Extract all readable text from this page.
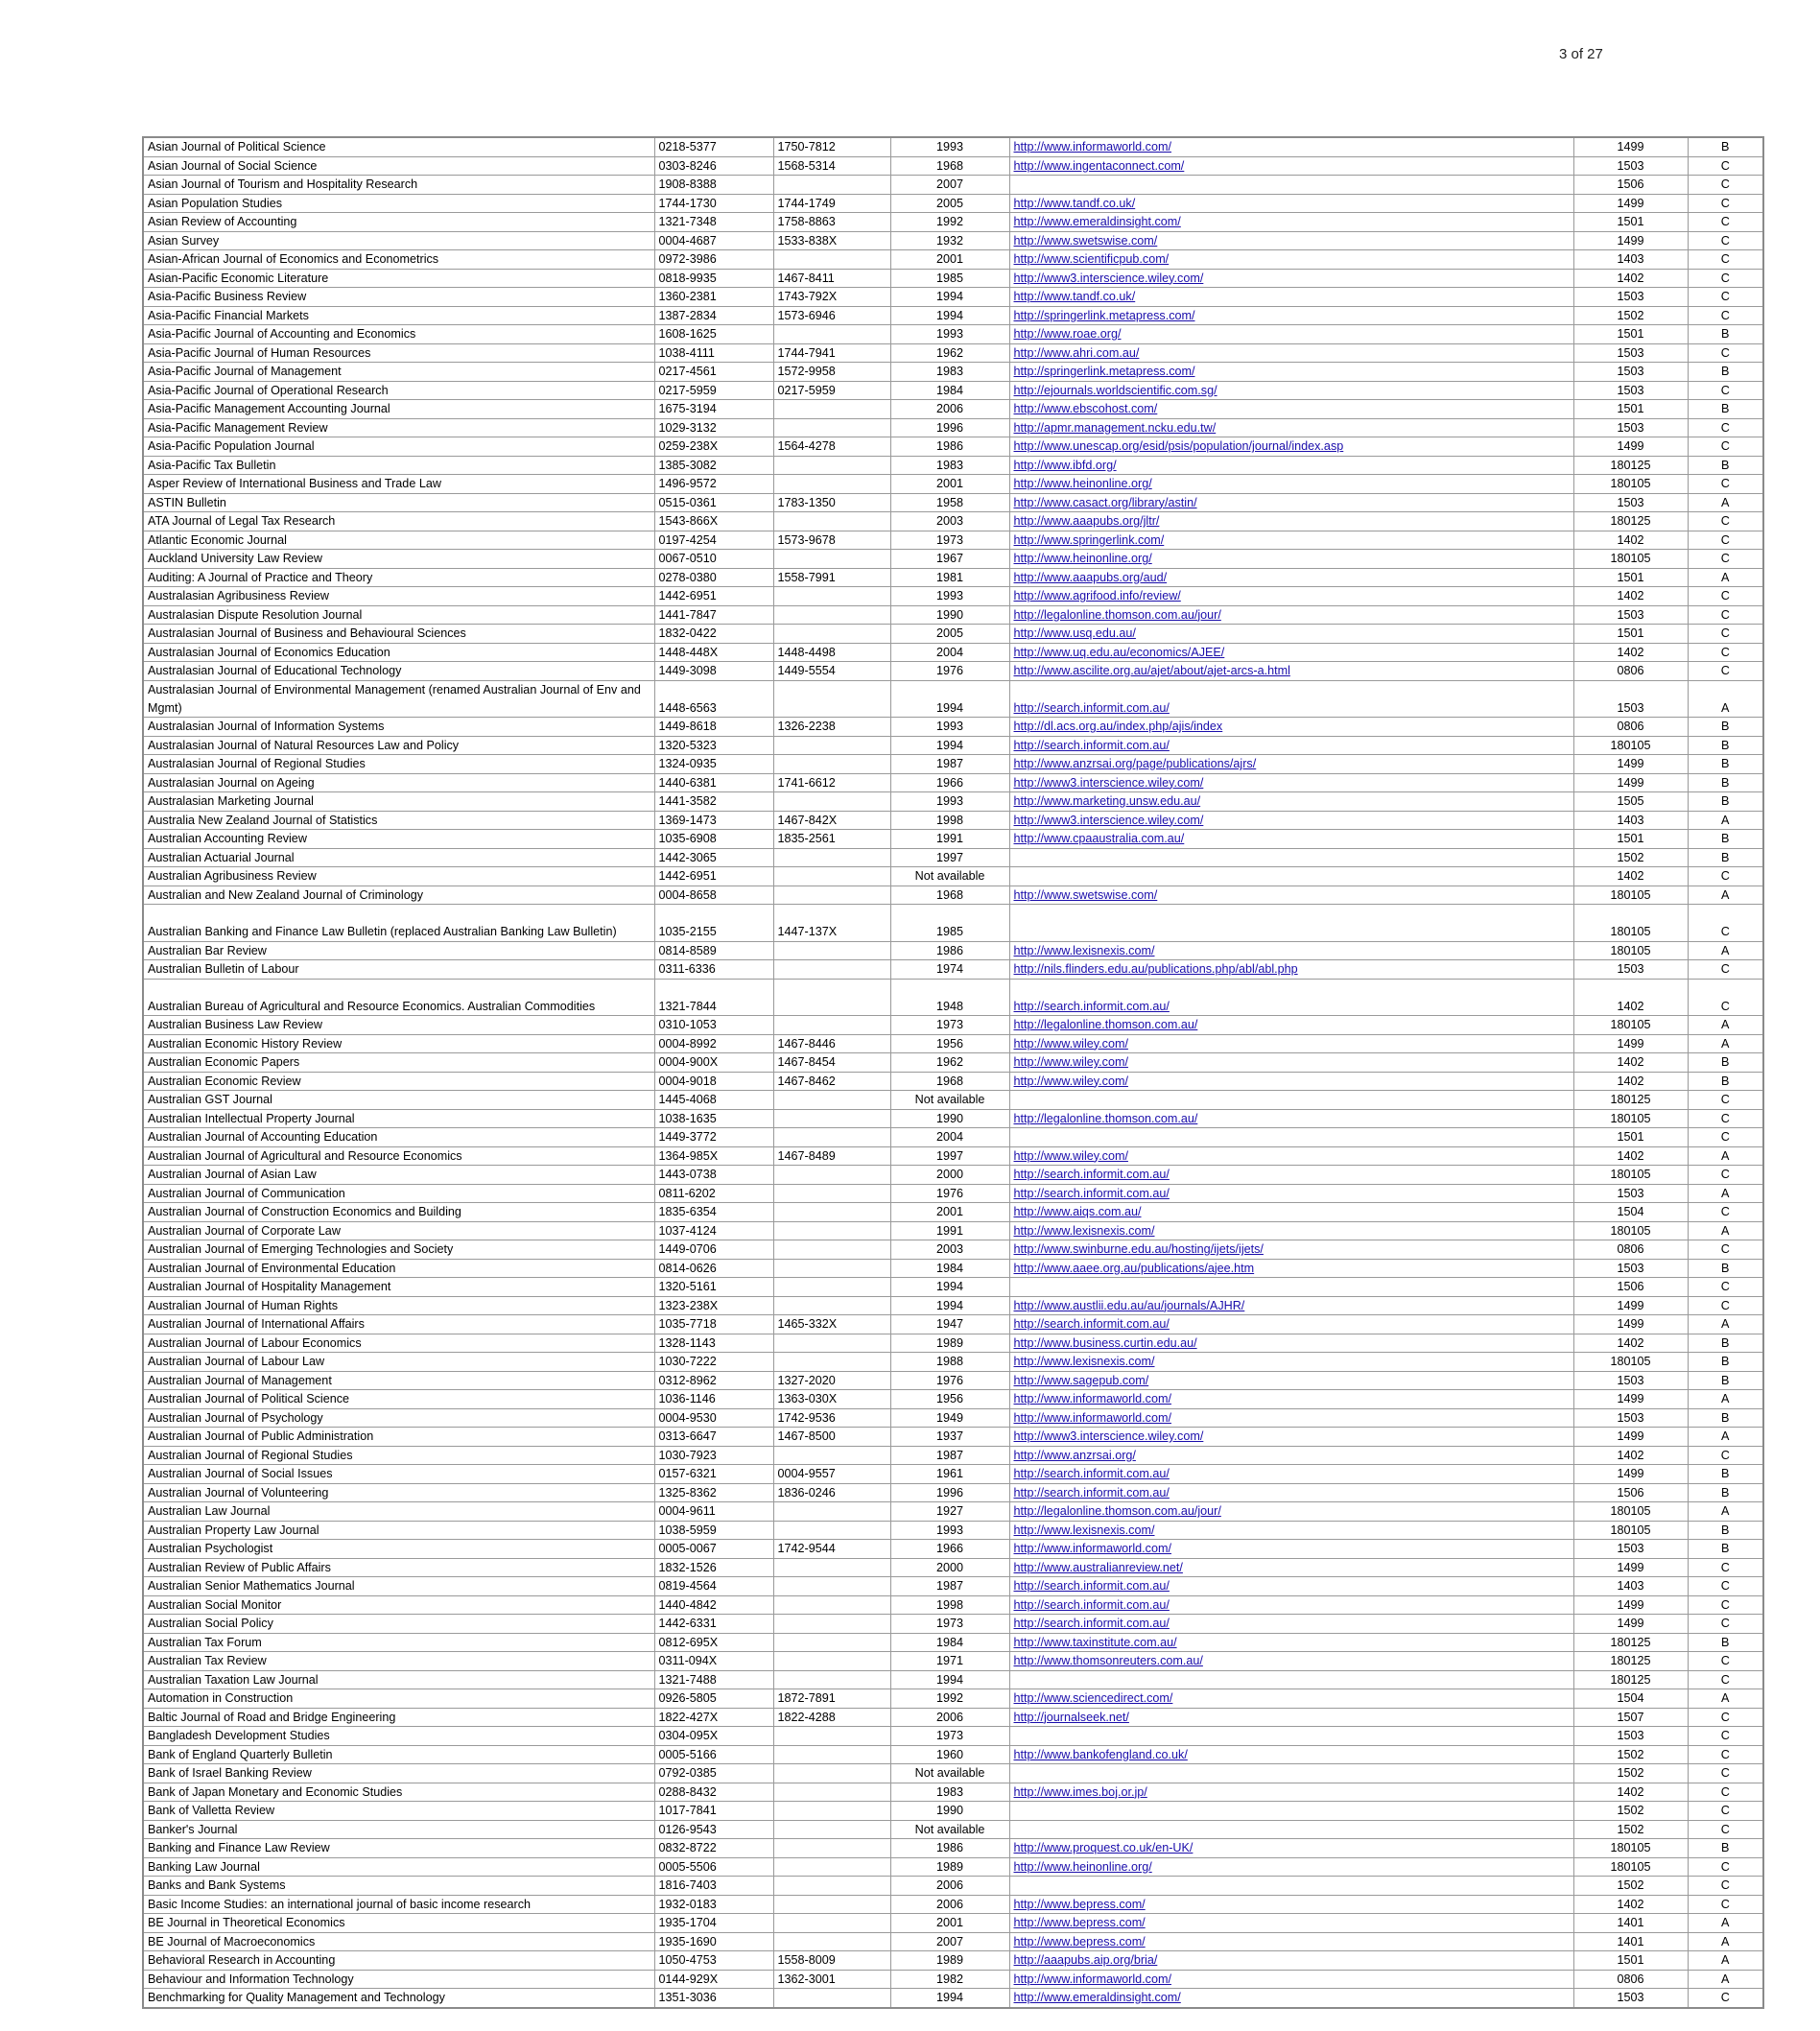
3 of 27
Asian Journal of Political Science	0218-5377	1750-7812	1993	http://www.informaworld.com/	1499	B
Asian Journal of Social Science	0303-8246	1568-5314	1968	http://www.ingentaconnect.com/	1503	C
Asian Journal of Tourism and Hospitality Research	1908-8388		2007		1506	C
Asian Population Studies	1744-1730	1744-1749	2005	http://www.tandf.co.uk/	1499	C
Asian Review of Accounting	1321-7348	1758-8863	1992	http://www.emeraldinsight.com/	1501	C
Asian Survey	0004-4687	1533-838X	1932	http://www.swetswise.com/	1499	C
Asian-African Journal of Economics and Econometrics	0972-3986		2001	http://www.scientificpub.com/	1403	C
Asian-Pacific Economic Literature	0818-9935	1467-8411	1985	http://www3.interscience.wiley.com/	1402	C
Asia-Pacific Business Review	1360-2381	1743-792X	1994	http://www.tandf.co.uk/	1503	C
Asia-Pacific Financial Markets	1387-2834	1573-6946	1994	http://springerlink.metapress.com/	1502	C
Asia-Pacific Journal of Accounting and Economics	1608-1625		1993	http://www.roae.org/	1501	B
Asia-Pacific Journal of Human Resources	1038-4111	1744-7941	1962	http://www.ahri.com.au/	1503	C
Asia-Pacific Journal of Management	0217-4561	1572-9958	1983	http://springerlink.metapress.com/	1503	B
Asia-Pacific Journal of Operational Research	0217-5959	0217-5959	1984	http://ejournals.worldscientific.com.sg/	1503	C
Asia-Pacific Management Accounting Journal	1675-3194		2006	http://www.ebscohost.com/	1501	B
Asia-Pacific Management Review	1029-3132		1996	http://apmr.management.ncku.edu.tw/	1503	C
Asia-Pacific Population Journal	0259-238X	1564-4278	1986	http://www.unescap.org/esid/psis/population/journal/index.asp	1499	C
Asia-Pacific Tax Bulletin	1385-3082		1983	http://www.ibfd.org/	180125	B
Asper Review of International Business and Trade Law	1496-9572		2001	http://www.heinonline.org/	180105	C
ASTIN Bulletin	0515-0361	1783-1350	1958	http://www.casact.org/library/astin/	1503	A
ATA Journal of Legal Tax Research	1543-866X		2003	http://www.aaapubs.org/jltr/	180125	C
Atlantic Economic Journal	0197-4254	1573-9678	1973	http://www.springerlink.com/	1402	C
Auckland University Law Review	0067-0510		1967	http://www.heinonline.org/	180105	C
Auditing: A Journal of Practice and Theory	0278-0380	1558-7991	1981	http://www.aaapubs.org/aud/	1501	A
Australasian Agribusiness Review	1442-6951		1993	http://www.agrifood.info/review/	1402	C
Australasian Dispute Resolution Journal	1441-7847		1990	http://legalonline.thomson.com.au/jour/	1503	C
Australasian Journal of Business and Behavioural Sciences	1832-0422		2005	http://www.usq.edu.au/	1501	C
Australasian Journal of Economics Education	1448-448X	1448-4498	2004	http://www.uq.edu.au/economics/AJEE/	1402	C
Australasian Journal of Educational Technology	1449-3098	1449-5554	1976	http://www.ascilite.org.au/ajet/about/ajet-arcs-a.html	0806	C
Australasian Journal of Environmental Management (renamed Australian Journal of Env and Mgmt)	1448-6563		1994	http://search.informit.com.au/	1503	A
Australasian Journal of Information Systems	1449-8618	1326-2238	1993	http://dl.acs.org.au/index.php/ajis/index	0806	B
Australasian Journal of Natural Resources Law and Policy	1320-5323		1994	http://search.informit.com.au/	180105	B
Australasian Journal of Regional Studies	1324-0935		1987	http://www.anzrsai.org/page/publications/ajrs/	1499	B
Australasian Journal on Ageing	1440-6381	1741-6612	1966	http://www3.interscience.wiley.com/	1499	B
Australasian Marketing Journal	1441-3582		1993	http://www.marketing.unsw.edu.au/	1505	B
Australia New Zealand Journal of Statistics	1369-1473	1467-842X	1998	http://www3.interscience.wiley.com/	1403	A
Australian Accounting Review	1035-6908	1835-2561	1991	http://www.cpaaustralia.com.au/	1501	B
Australian Actuarial Journal	1442-3065		1997		1502	B
Australian Agribusiness Review	1442-6951		Not available		1402	C
Australian and New Zealand Journal of Criminology	0004-8658		1968	http://www.swetswise.com/	180105	A
Australian Banking and Finance Law Bulletin (replaced Australian Banking Law Bulletin)	1035-2155	1447-137X	1985		180105	C
Australian Bar Review	0814-8589		1986	http://www.lexisnexis.com/	180105	A
Australian Bulletin of Labour	0311-6336		1974	http://nils.flinders.edu.au/publications.php/abl/abl.php	1503	C
Australian Bureau of Agricultural and Resource Economics. Australian Commodities	1321-7844		1948	http://search.informit.com.au/	1402	C
Australian Business Law Review	0310-1053		1973	http://legalonline.thomson.com.au/	180105	A
Australian Economic History Review	0004-8992	1467-8446	1956	http://www.wiley.com/	1499	A
Australian Economic Papers	0004-900X	1467-8454	1962	http://www.wiley.com/	1402	B
Australian Economic Review	0004-9018	1467-8462	1968	http://www.wiley.com/	1402	B
Australian GST Journal	1445-4068		Not available		180125	C
Australian Intellectual Property Journal	1038-1635		1990	http://legalonline.thomson.com.au/	180105	C
Australian Journal of Accounting Education	1449-3772		2004		1501	C
Australian Journal of Agricultural and Resource Economics	1364-985X	1467-8489	1997	http://www.wiley.com/	1402	A
Australian Journal of Asian Law	1443-0738		2000	http://search.informit.com.au/	180105	C
Australian Journal of Communication	0811-6202		1976	http://search.informit.com.au/	1503	A
Australian Journal of Construction Economics and Building	1835-6354		2001	http://www.aiqs.com.au/	1504	C
Australian Journal of Corporate Law	1037-4124		1991	http://www.lexisnexis.com/	180105	A
Australian Journal of Emerging Technologies and Society	1449-0706		2003	http://www.swinburne.edu.au/hosting/ijets/ijets/	0806	C
Australian Journal of Environmental Education	0814-0626		1984	http://www.aaee.org.au/publications/ajee.htm	1503	B
Australian Journal of Hospitality Management	1320-5161		1994		1506	C
Australian Journal of Human Rights	1323-238X		1994	http://www.austlii.edu.au/au/journals/AJHR/	1499	C
Australian Journal of International Affairs	1035-7718	1465-332X	1947	http://search.informit.com.au/	1499	A
Australian Journal of Labour Economics	1328-1143		1989	http://www.business.curtin.edu.au/	1402	B
Australian Journal of Labour Law	1030-7222		1988	http://www.lexisnexis.com/	180105	B
Australian Journal of Management	0312-8962	1327-2020	1976	http://www.sagepub.com/	1503	B
Australian Journal of Political Science	1036-1146	1363-030X	1956	http://www.informaworld.com/	1499	A
Australian Journal of Psychology	0004-9530	1742-9536	1949	http://www.informaworld.com/	1503	B
Australian Journal of Public Administration	0313-6647	1467-8500	1937	http://www3.interscience.wiley.com/	1499	A
Australian Journal of Regional Studies	1030-7923		1987	http://www.anzrsai.org/	1402	C
Australian Journal of Social Issues	0157-6321	0004-9557	1961	http://search.informit.com.au/	1499	B
Australian Journal of Volunteering	1325-8362	1836-0246	1996	http://search.informit.com.au/	1506	B
Australian Law Journal	0004-9611		1927	http://legalonline.thomson.com.au/jour/	180105	A
Australian Property Law Journal	1038-5959		1993	http://www.lexisnexis.com/	180105	B
Australian Psychologist	0005-0067	1742-9544	1966	http://www.informaworld.com/	1503	B
Australian Review of Public Affairs	1832-1526		2000	http://www.australianreview.net/	1499	C
Australian Senior Mathematics Journal	0819-4564		1987	http://search.informit.com.au/	1403	C
Australian Social Monitor	1440-4842		1998	http://search.informit.com.au/	1499	C
Australian Social Policy	1442-6331		1973	http://search.informit.com.au/	1499	C
Australian Tax Forum	0812-695X		1984	http://www.taxinstitute.com.au/	180125	B
Australian Tax Review	0311-094X		1971	http://www.thomsonreuters.com.au/	180125	C
Australian Taxation Law Journal	1321-7488		1994		180125	C
Automation in Construction	0926-5805	1872-7891	1992	http://www.sciencedirect.com/	1504	A
Baltic Journal of Road and Bridge Engineering	1822-427X	1822-4288	2006	http://journalseek.net/	1507	C
Bangladesh Development Studies	0304-095X		1973		1503	C
Bank of England Quarterly Bulletin	0005-5166		1960	http://www.bankofengland.co.uk/	1502	C
Bank of Israel Banking Review	0792-0385		Not available		1502	C
Bank of Japan Monetary and Economic Studies	0288-8432		1983	http://www.imes.boj.or.jp/	1402	C
Bank of Valletta Review	1017-7841		1990		1502	C
Banker's Journal	0126-9543		Not available		1502	C
Banking and Finance Law Review	0832-8722		1986	http://www.proquest.co.uk/en-UK/	180105	B
Banking Law Journal	0005-5506		1989	http://www.heinonline.org/	180105	C
Banks and Bank Systems	1816-7403		2006		1502	C
Basic Income Studies: an international journal of basic income research	1932-0183		2006	http://www.bepress.com/	1402	C
BE Journal in Theoretical Economics	1935-1704		2001	http://www.bepress.com/	1401	A
BE Journal of Macroeconomics	1935-1690		2007	http://www.bepress.com/	1401	A
Behavioral Research in Accounting	1050-4753	1558-8009	1989	http://aaapubs.aip.org/bria/	1501	A
Behaviour and Information Technology	0144-929X	1362-3001	1982	http://www.informaworld.com/	0806	A
Benchmarking for Quality Management and Technology	1351-3036		1994	http://www.emeraldinsight.com/	1503	C
